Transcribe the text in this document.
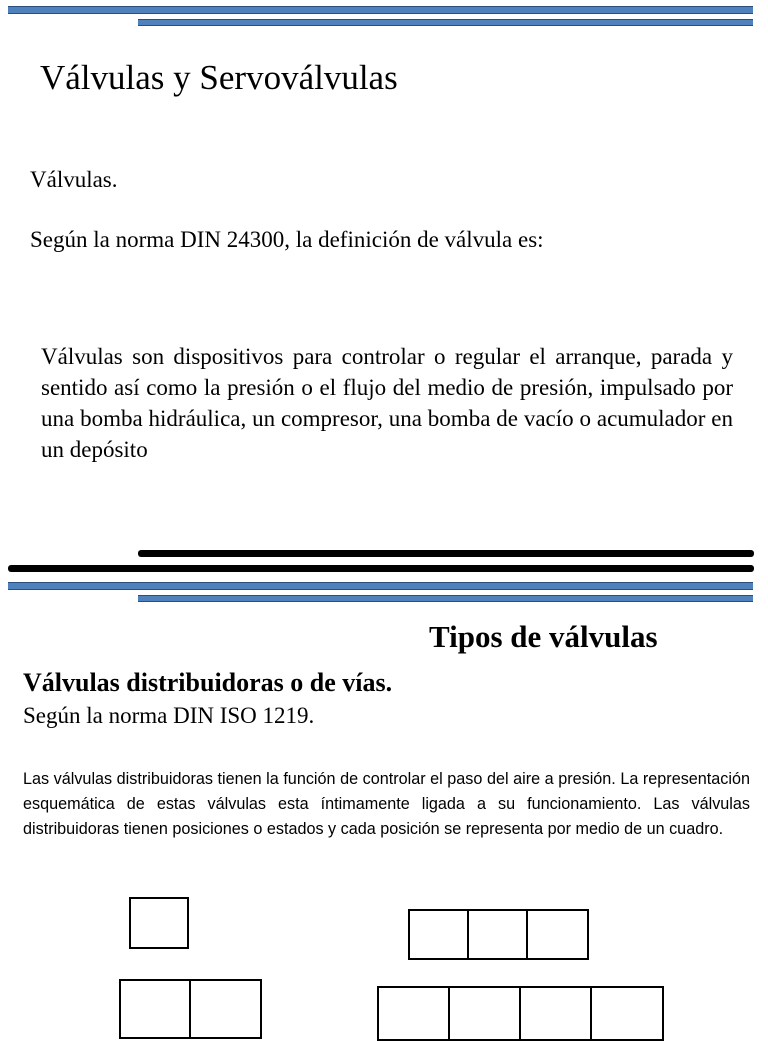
Válvulas y Servoválvulas
Válvulas.
Según la norma DIN 24300, la definición de válvula es:
Válvulas son dispositivos para controlar o regular el arranque, parada y sentido así como la presión o el flujo del medio de presión, impulsado por una bomba hidráulica, un compresor, una bomba de vacío o acumulador en un depósito
Tipos de válvulas
Válvulas distribuidoras o de vías.
Según la norma DIN ISO 1219.
Las válvulas distribuidoras tienen la función de controlar el paso del aire a presión. La representación esquemática de estas válvulas esta íntimamente ligada a su funcionamiento. Las válvulas distribuidoras tienen posiciones o estados y cada posición se representa por medio de un cuadro.
